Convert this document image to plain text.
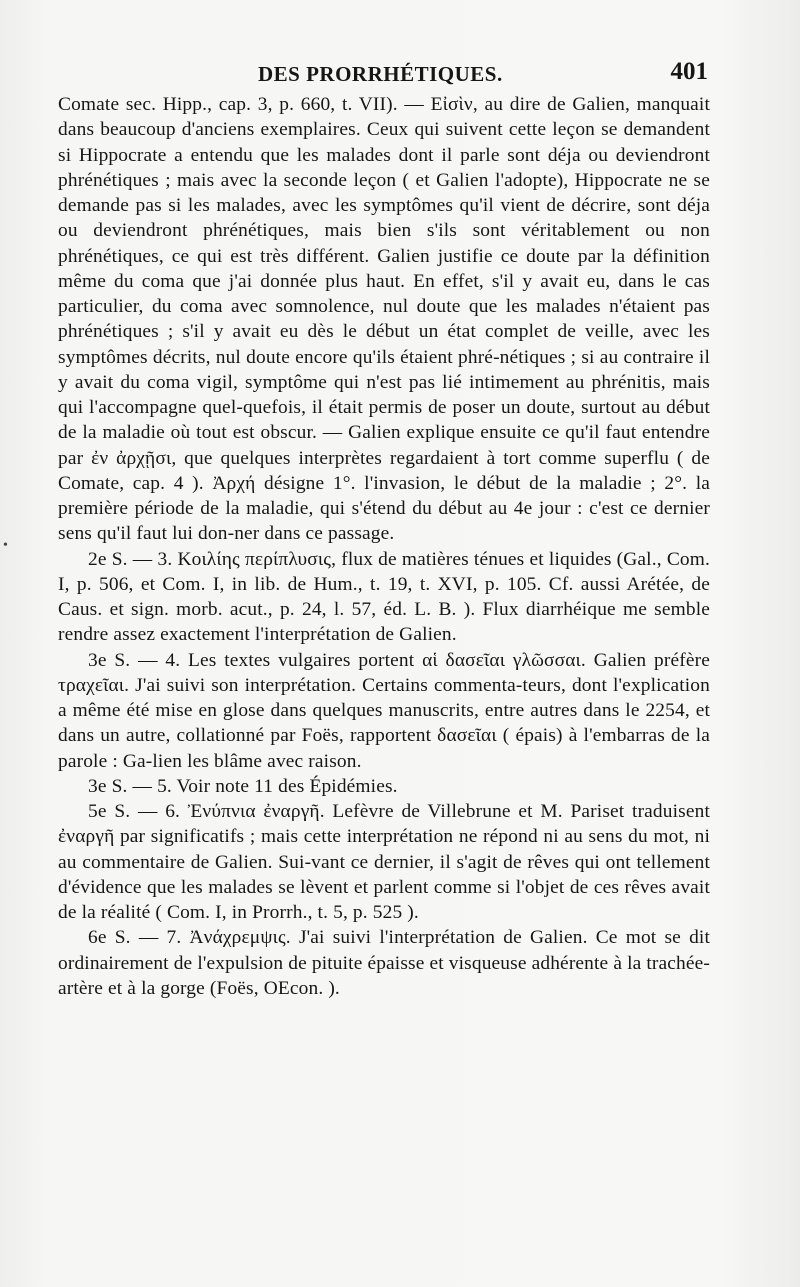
DES PRORRHÉTIQUES.	401
•

Comate sec. Hipp., cap. 3, p. 660, t. VII). — Εἰσὶν, au dire de Galien, manquait dans beaucoup d'anciens exemplaires. Ceux qui suivent cette leçon se demandent si Hippocrate a entendu que les malades dont il parle sont déja ou deviendront phrénétiques ; mais avec la seconde leçon ( et Galien l'adopte), Hippocrate ne se demande pas si les malades, avec les symptômes qu'il vient de décrire, sont déja ou deviendront phrénétiques, mais bien s'ils sont véritablement ou non phrénétiques, ce qui est très différent. Galien justifie ce doute par la définition même du coma que j'ai donnée plus haut. En effet, s'il y avait eu, dans le cas particulier, du coma avec somnolence, nul doute que les malades n'étaient pas phrénétiques ; s'il y avait eu dès le début un état complet de veille, avec les symptômes décrits, nul doute encore qu'ils étaient phré-nétiques ; si au contraire il y avait du coma vigil, symptôme qui n'est pas lié intimement au phrénitis, mais qui l'accompagne quel-quefois, il était permis de poser un doute, surtout au début de la maladie où tout est obscur. — Galien explique ensuite ce qu'il faut entendre par ἐν ἀρχῇσι, que quelques interprètes regardaient à tort comme superflu ( de Comate, cap. 4 ). Ἀρχή désigne 1°. l'invasion, le début de la maladie ; 2°. la première période de la maladie, qui s'étend du début au 4e jour : c'est ce dernier sens qu'il faut lui don-ner dans ce passage.

2e S. — 3. Κοιλίης περίπλυσις, flux de matières ténues et liquides (Gal., Com. I, p. 506, et Com. I, in lib. de Hum., t. 19, t. XVI, p. 105. Cf. aussi Arétée, de Caus. et sign. morb. acut., p. 24, l. 57, éd. L. B. ). Flux diarrhéique me semble rendre assez exactement l'interprétation de Galien.

3e S. — 4. Les textes vulgaires portent αἱ δασεῖαι γλῶσσαι. Galien préfère τραχεῖαι. J'ai suivi son interprétation. Certains commenta-teurs, dont l'explication a même été mise en glose dans quelques manuscrits, entre autres dans le 2254, et dans un autre, collationné par Foës, rapportent δασεῖαι ( épais) à l'embarras de la parole : Ga-lien les blâme avec raison.

3e S. — 5. Voir note 11 des Épidémies.

5e S. — 6. Ἐνύπνια ἐναργῆ. Lefèvre de Villebrune et M. Pariset traduisent ἐναργῆ par significatifs ; mais cette interprétation ne répond ni au sens du mot, ni au commentaire de Galien. Sui-vant ce dernier, il s'agit de rêves qui ont tellement d'évidence que les malades se lèvent et parlent comme si l'objet de ces rêves avait de la réalité ( Com. I, in Prorrh., t. 5, p. 525 ).

6e S. — 7. Ἀνάχρεμψις. J'ai suivi l'interprétation de Galien. Ce mot se dit ordinairement de l'expulsion de pituite épaisse et visqueuse adhérente à la trachée-artère et à la gorge (Foës, OEcon. ).
